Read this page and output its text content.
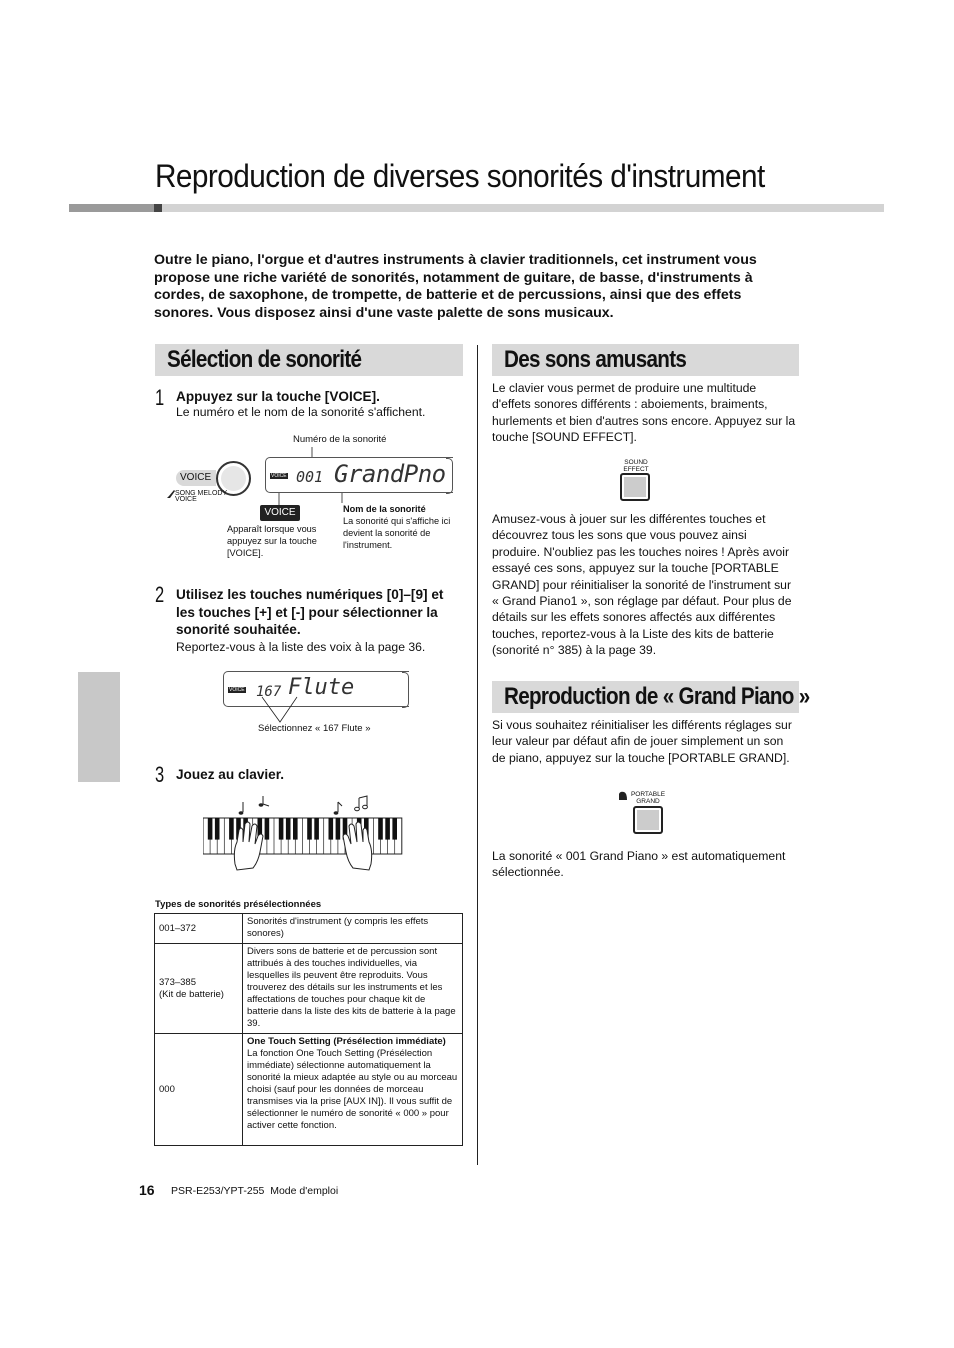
Reproduction de diverses sonorités d'instrument

Outre le piano, l'orgue et d'autres instruments à clavier traditionnels, cet instrument vous propose une riche variété de sonorités, notamment de guitare, de basse, d'instruments à cordes, de saxophone, de trompette, de batterie et de percussions, ainsi que des effets sonores. Vous disposez ainsi d'une vaste palette de sons musicaux.

Sélection de sonorité
1 Appuyez sur la touche [VOICE].
Le numéro et le nom de la sonorité s'affichent.
Numéro de la sonorité
VOICE
SONG MELODY
VOICE
VOICE 001 GrandPno
VOICE
Apparaît lorsque vous appuyez sur la touche [VOICE].
Nom de la sonorité
La sonorité qui s'affiche ici devient la sonorité de l'instrument.
2 Utilisez les touches numériques [0]–[9] et les touches [+] et [-] pour sélectionner la sonorité souhaitée.
Reportez-vous à la liste des voix à la page 36.
VOICE 167 Flute
Sélectionnez « 167 Flute »
3 Jouez au clavier.
Types de sonorités présélectionnées
001–372	Sonorités d'instrument (y compris les effets sonores)

373–385
(Kit de batterie)	Divers sons de batterie et de percussion sont attribués à des touches individuelles, via lesquelles ils peuvent être reproduits. Vous trouverez des détails sur les instruments et les affectations de touches pour chaque kit de batterie dans la liste des kits de batterie à la page 39.

000	One Touch Setting (Présélection immédiate)
La fonction One Touch Setting (Présélection immédiate) sélectionne automatiquement la sonorité la mieux adaptée au style ou au morceau choisi (sauf pour les données de morceau transmises via la prise [AUX IN]). Il vous suffit de sélectionner le numéro de sonorité « 000 » pour activer cette fonction.
Des sons amusants

Le clavier vous permet de produire une multitude d'effets sonores différents : aboiements, braiments, hurlements et bien d'autres sons encore. Appuyez sur la touche [SOUND EFFECT].

SOUND
EFFECT

Amusez-vous à jouer sur les différentes touches et découvrez tous les sons que vous pouvez ainsi produire. N'oubliez pas les touches noires ! Après avoir essayé ces sons, appuyez sur la touche [PORTABLE GRAND] pour réinitialiser la sonorité de l'instrument sur « Grand Piano1 », son réglage par défaut. Pour plus de détails sur les effets sonores affectés aux différentes touches, reportez-vous à la Liste des kits de batterie (sonorité n° 385) à la page 39.

Reproduction de « Grand Piano »

Si vous souhaitez réinitialiser les différents réglages sur leur valeur par défaut afin de jouer simplement un son de piano, appuyez sur la touche [PORTABLE GRAND].

PORTABLE
GRAND

La sonorité « 001 Grand Piano » est automatiquement sélectionnée.

16 PSR-E253/YPT-255  Mode d'emploi
